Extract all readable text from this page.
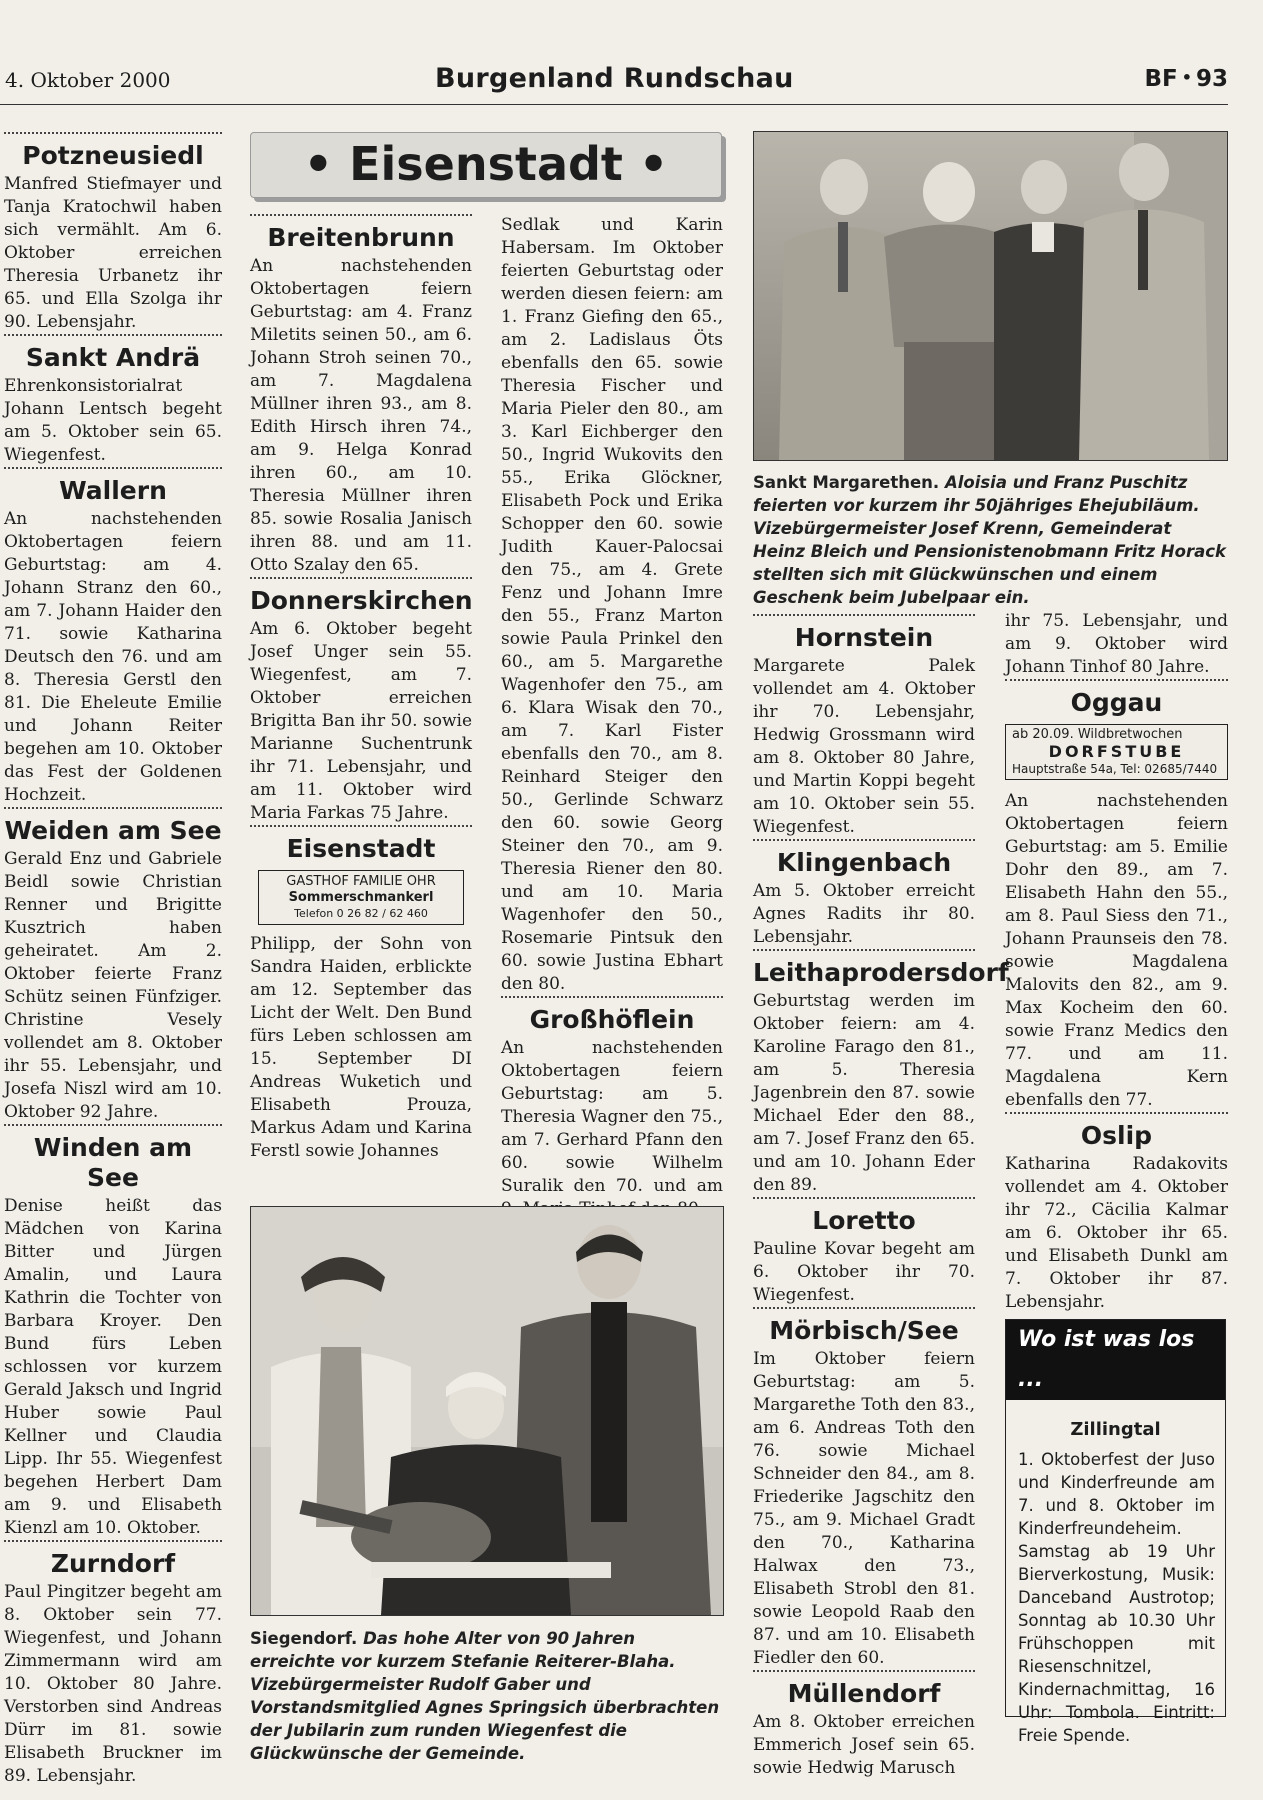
4. Oktober 2000	Burgenland Rundschau	BF • 93
• Eisenstadt •
Potzneusiedl

Manfred Stiefmayer und Tanja Kratochwil haben sich vermählt. Am 6. Oktober erreichen Theresia Urbanetz ihr 65. und Ella Szolga ihr 90. Lebensjahr.

Sankt Andrä

Ehrenkonsistorialrat Johann Lentsch begeht am 5. Oktober sein 65. Wiegenfest.

Wallern

An nachstehenden Oktobertagen feiern Geburtstag: am 4. Johann Stranz den 60., am 7. Johann Haider den 71. sowie Katharina Deutsch den 76. und am 8. Theresia Gerstl den 81. Die Eheleute Emilie und Johann Reiter begehen am 10. Oktober das Fest der Goldenen Hochzeit.

Weiden am See

Gerald Enz und Gabriele Beidl sowie Christian Renner und Brigitte Kusztrich haben geheiratet. Am 2. Oktober feierte Franz Schütz seinen Fünfziger. Christine Vesely vollendet am 8. Oktober ihr 55. Lebensjahr, und Josefa Niszl wird am 10. Oktober 92 Jahre.

Winden am See

Denise heißt das Mädchen von Karina Bitter und Jürgen Amalin, und Laura Kathrin die Tochter von Barbara Kroyer. Den Bund fürs Leben schlossen vor kurzem Gerald Jaksch und Ingrid Huber sowie Paul Kellner und Claudia Lipp. Ihr 55. Wiegenfest begehen Herbert Dam am 9. und Elisabeth Kienzl am 10. Oktober.

Zurndorf

Paul Pingitzer begeht am 8. Oktober sein 77. Wiegenfest, und Johann Zimmermann wird am 10. Oktober 80 Jahre. Verstorben sind Andreas Dürr im 81. sowie Elisabeth Bruckner im 89. Lebensjahr.

Breitenbrunn

An nachstehenden Oktobertagen feiern Geburtstag: am 4. Franz Miletits seinen 50., am 6. Johann Stroh seinen 70., am 7. Magdalena Müllner ihren 93., am 8. Edith Hirsch ihren 74., am 9. Helga Konrad ihren 60., am 10. Theresia Müllner ihren 85. sowie Rosalia Janisch ihren 88. und am 11. Otto Szalay den 65.

Donnerskirchen

Am 6. Oktober begeht Josef Unger sein 55. Wiegenfest, am 7. Oktober erreichen Brigitta Ban ihr 50. sowie Marianne Suchentrunk ihr 71. Lebensjahr, und am 11. Oktober wird Maria Farkas 75 Jahre.

Eisenstadt
GASTHOF FAMILIE OHR
Sommerschmankerl
Telefon 0 26 82 / 62 460

Philipp, der Sohn von Sandra Haiden, erblickte am 12. September das Licht der Welt. Den Bund fürs Leben schlossen am 15. September DI Andreas Wuketich und Elisabeth Prouza, Markus Adam und Karina Ferstl sowie Johannes

Sedlak und Karin Habersam. Im Oktober feierten Geburtstag oder werden diesen feiern: am 1. Franz Giefing den 65., am 2. Ladislaus Öts ebenfalls den 65. sowie Theresia Fischer und Maria Pieler den 80., am 3. Karl Eichberger den 50., Ingrid Wukovits den 55., Erika Glöckner, Elisabeth Pock und Erika Schopper den 60. sowie Judith Kauer-Palocsai den 75., am 4. Grete Fenz und Johann Imre den 55., Franz Marton sowie Paula Prinkel den 60., am 5. Margarethe Wagenhofer den 75., am 6. Klara Wisak den 70., am 7. Karl Fister ebenfalls den 70., am 8. Reinhard Steiger den 50., Gerlinde Schwarz den 60. sowie Georg Steiner den 70., am 9. Theresia Riener den 80. und am 10. Maria Wagenhofer den 50., Rosemarie Pintsuk den 60. sowie Justina Ebhart den 80.

Großhöflein

An nachstehenden Oktobertagen feiern Geburtstag: am 5. Theresia Wagner den 75., am 7. Gerhard Pfann den 60. sowie Wilhelm Suralik den 70. und am

Sankt Margarethen. Aloisia und Franz Puschitz feierten vor kurzem ihr 50jähriges Ehejubiläum. Vizebürgermeister Josef Krenn, Gemeinderat Heinz Bleich und Pensionistenobmann Fritz Horack stellten sich mit Glückwünschen und einem Geschenk beim Jubelpaar ein.
Hornstein

Margarete Palek vollendet am 4. Oktober ihr 70. Lebensjahr, Hedwig Grossmann wird am 8. Oktober 80 Jahre, und Martin Koppi begeht am 10. Oktober sein 55. Wiegenfest.

Klingenbach

Am 5. Oktober erreicht Agnes Radits ihr 80. Lebensjahr.

Leithaprodersdorf

Geburtstag werden im Oktober feiern: am 4. Karoline Farago den 81., am 5. Theresia Jagenbrein den 87. sowie Michael Eder den 88., am 7. Josef Franz den 65. und am 10. Johann Eder den 89.

Loretto

Pauline Kovar begeht am 6. Oktober ihr 70. Wiegenfest.

Mörbisch/See

Im Oktober feiern Geburtstag: am 5. Margarethe Toth den 83., am 6. Andreas Toth den 76. sowie Michael Schneider den 84., am 8. Friederike Jagschitz den 75., am 9. Michael Gradt den 70., Katharina Halwax den 73., Elisabeth Strobl den 81. sowie Leopold Raab den 87. und am 10. Elisabeth Fiedler den 60.

Müllendorf

Am 8. Oktober erreichen Emmerich Josef sein 65. sowie Hedwig Marusch

ihr 75. Lebensjahr, und am 9. Oktober wird Johann Tinhof 80 Jahre.

Oggau
ab 20.09. Wildbretwochen
DORFSTUBE
Hauptstraße 54a, Tel: 02685/7440

An nachstehenden Oktobertagen feiern Geburtstag: am 5. Emilie Dohr den 89., am 7. Elisabeth Hahn den 55., am 8. Paul Siess den 71., Johann Praunseis den 78. sowie Magdalena Malovits den 82., am 9. Max Kocheim den 60. sowie Franz Medics den 77. und am 11. Magdalena Kern ebenfalls den 77.

Oslip

Katharina Radakovits vollendet am 4. Oktober ihr 72., Cäcilia Kalmar am 6. Oktober ihr 65. und Elisabeth Dunkl am 7. Oktober ihr 87. Lebensjahr.

Siegendorf. Das hohe Alter von 90 Jahren erreichte vor kurzem Stefanie Reiterer-Blaha. Vizebürgermeister Rudolf Gaber und Vorstandsmitglied Agnes Springsich überbrachten der Jubilarin zum runden Wiegenfest die Glückwünsche der Gemeinde.
Wo ist was los ...
Zillingtal
1. Oktoberfest der Juso und Kinderfreunde am 7. und 8. Oktober im Kinderfreundeheim. Samstag ab 19 Uhr Bierverkostung, Musik: Danceband Austrotop; Sonntag ab 10.30 Uhr Frühschoppen mit Riesenschnitzel, Kindernachmittag, 16 Uhr: Tombola. Eintritt: Freie Spende.
